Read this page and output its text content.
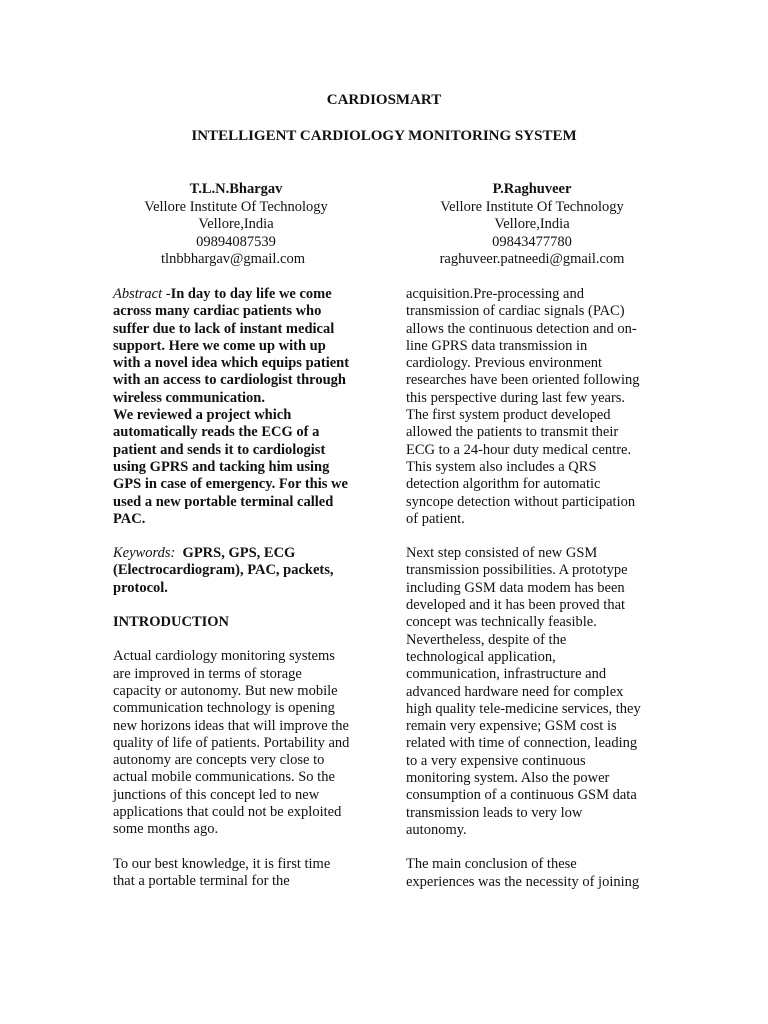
CARDIOSMART
INTELLIGENT CARDIOLOGY MONITORING SYSTEM
T.L.N.Bhargav
Vellore Institute Of Technology
Vellore,India
09894087539
tlnbbhargav@gmail.com
P.Raghuveer
Vellore Institute Of Technology
Vellore,India
09843477780
raghuveer.patneedi@gmail.com

Abstract -In day to day life we come
across many cardiac patients who
suffer due to lack of instant medical
support. Here we come up with up
with a novel idea which equips patient
with an access to cardiologist through
wireless communication.
We reviewed a project which
automatically reads the ECG of a
patient and sends it to cardiologist
using GPRS and tacking him using
GPS in case of emergency. For this we
used a new portable terminal called
PAC.

Keywords: GPRS, GPS, ECG
(Electrocardiogram), PAC, packets,
protocol.

INTRODUCTION

Actual cardiology monitoring systems
are improved in terms of storage
capacity or autonomy. But new mobile
communication technology is opening
new horizons ideas that will improve the
quality of life of patients. Portability and
autonomy are concepts very close to
actual mobile communications. So the
junctions of this concept led to new
applications that could not be exploited
some months ago.

To our best knowledge, it is first time
that a portable terminal for the

acquisition.Pre-processing and
transmission of cardiac signals (PAC)
allows the continuous detection and on-
line GPRS data transmission in
cardiology. Previous environment
researches have been oriented following
this perspective during last few years.
The first system product developed
allowed the patients to transmit their
ECG to a 24-hour duty medical centre.
This system also includes a QRS
detection algorithm for automatic
syncope detection without participation
of patient.

Next step consisted of new GSM
transmission possibilities. A prototype
including GSM data modem has been
developed and it has been proved that
concept was technically feasible.
Nevertheless, despite of the
technological application,
communication, infrastructure and
advanced hardware need for complex
high quality tele-medicine services, they
remain very expensive; GSM cost is
related with time of connection, leading
to a very expensive continuous
monitoring system. Also the power
consumption of a continuous GSM data
transmission leads to very low
autonomy.

The main conclusion of these
experiences was the necessity of joining
